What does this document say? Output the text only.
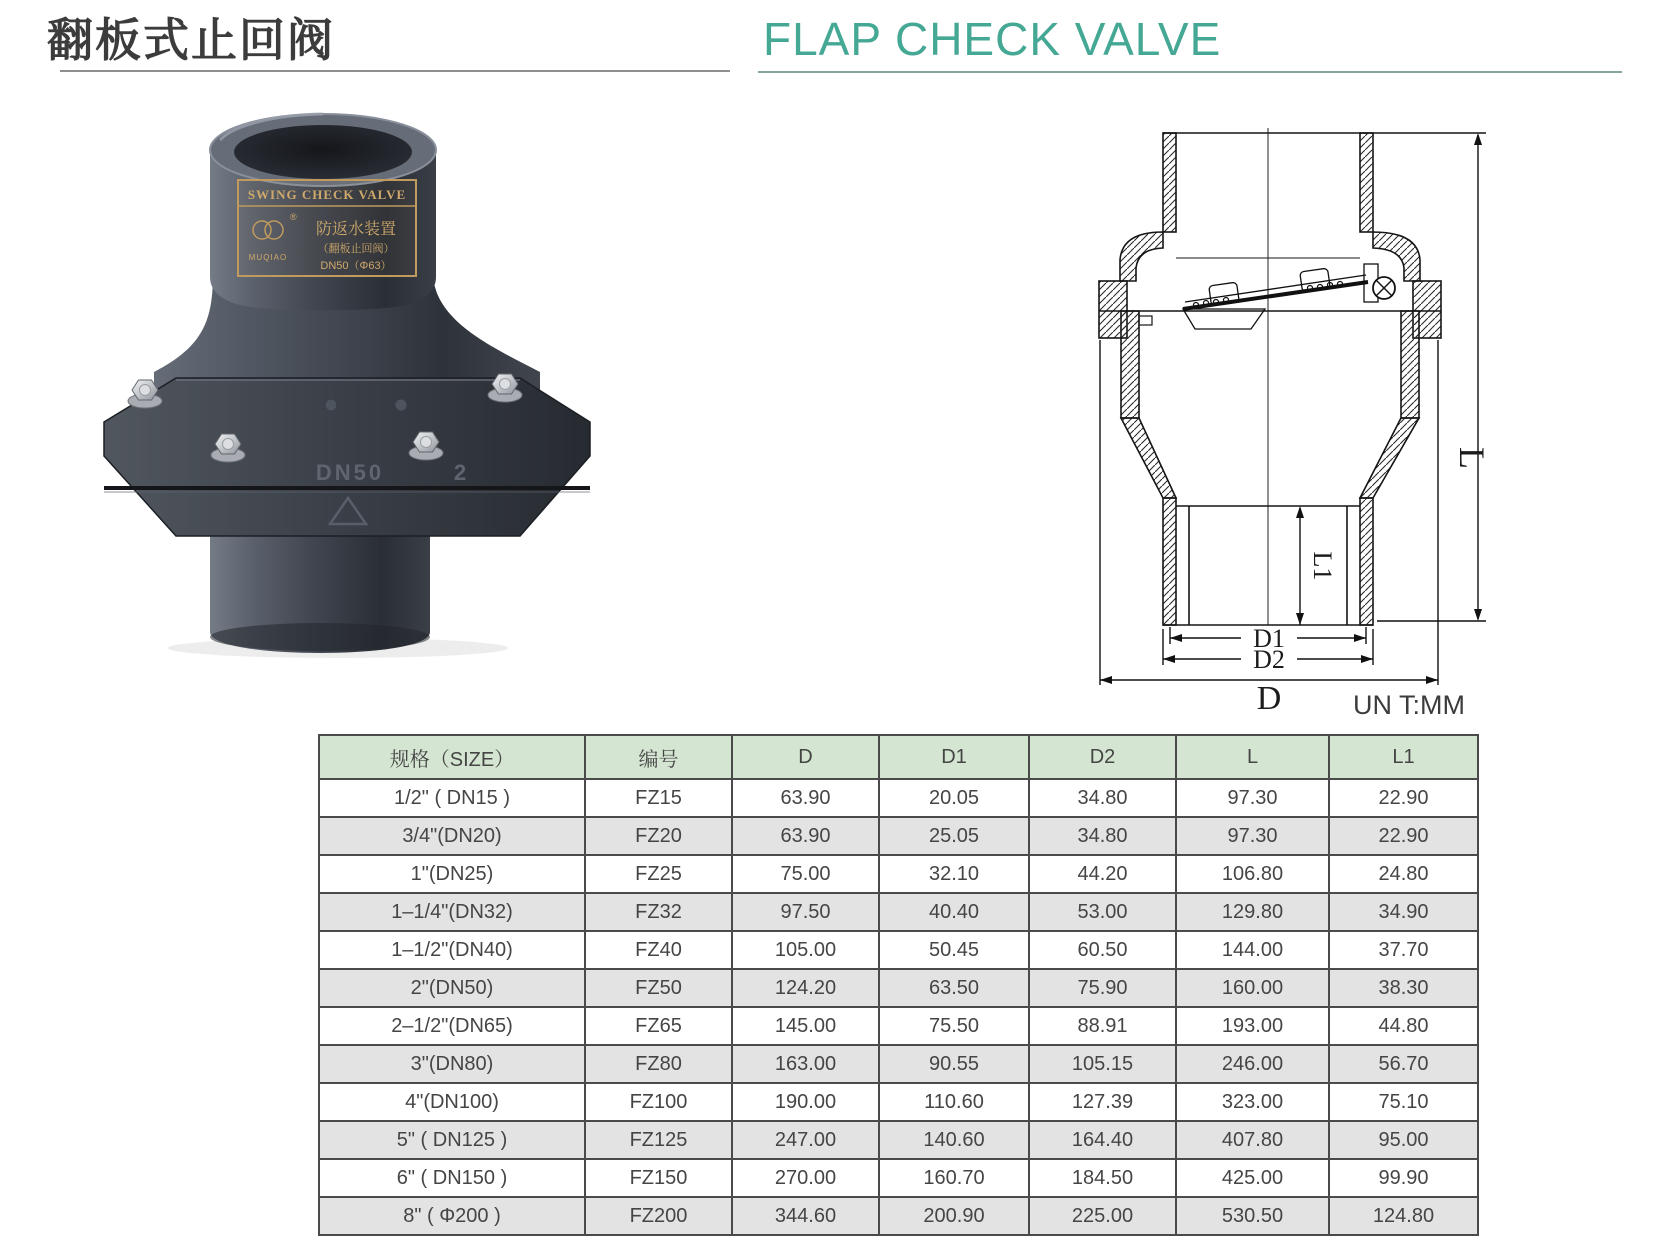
翻板式止回阀	FLAP CHECK VALVE
SWING CHECK VALVE
®
MUQIAO
防返水装置
（翻板止回阀）
DN50（Φ63）
DN50	2
L
L1
D1
D2
D	UN T:MM
规格（SIZE）	编号	D	D1	D2	L	L1
1/2" ( DN15 )	FZ15	63.90	20.05	34.80	97.30	22.90
3/4"(DN20)	FZ20	63.90	25.05	34.80	97.30	22.90
1"(DN25)	FZ25	75.00	32.10	44.20	106.80	24.80
1–1/4"(DN32)	FZ32	97.50	40.40	53.00	129.80	34.90
1–1/2"(DN40)	FZ40	105.00	50.45	60.50	144.00	37.70
2"(DN50)	FZ50	124.20	63.50	75.90	160.00	38.30
2–1/2"(DN65)	FZ65	145.00	75.50	88.91	193.00	44.80
3"(DN80)	FZ80	163.00	90.55	105.15	246.00	56.70
4"(DN100)	FZ100	190.00	110.60	127.39	323.00	75.10
5" ( DN125 )	FZ125	247.00	140.60	164.40	407.80	95.00
6" ( DN150 )	FZ150	270.00	160.70	184.50	425.00	99.90
8" ( Φ200 )	FZ200	344.60	200.90	225.00	530.50	124.80
